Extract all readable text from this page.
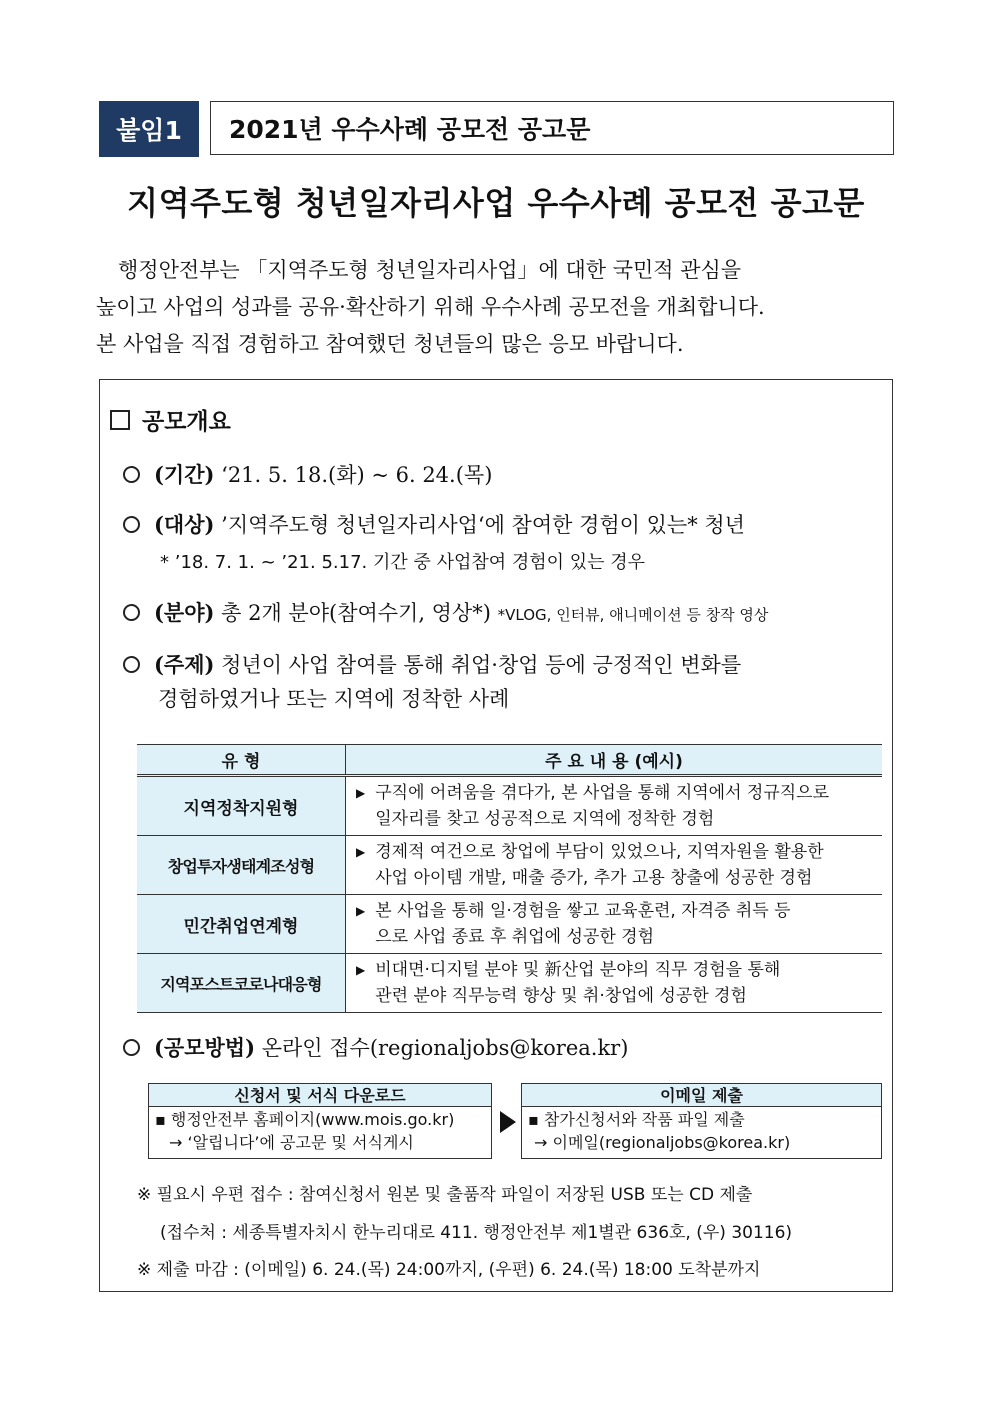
붙임1	2021년 우수사례 공모전 공고문
지역주도형 청년일자리사업 우수사례 공모전 공고문

행정안전부는 「지역주도형 청년일자리사업」에 대한 국민적 관심을

높이고 사업의 성과를 공유·확산하기 위해 우수사례 공모전을 개최합니다.

본 사업을 직접 경험하고 참여했던 청년들의 많은 응모 바랍니다.

공모개요
(기간) ‘21. 5. 18.(화) ~ 6. 24.(목)
(대상) ’지역주도형 청년일자리사업‘에 참여한 경험이 있는* 청년
* ’18. 7. 1. ~ ’21. 5.17. 기간 중 사업참여 경험이 있는 경우
(분야) 총 2개 분야(참여수기, 영상*) *VLOG, 인터뷰, 애니메이션 등 창작 영상
(주제) 청년이 사업 참여를 통해 취업·창업 등에 긍정적인 변화를
경험하였거나 또는 지역에 정착한 사례
유 형	주 요 내 용 (예시)
지역정착지원형	▶ 구직에 어려움을 겪다가, 본 사업을 통해 지역에서 정규직으로
일자리를 찾고 성공적으로 지역에 정착한 경험
창업투자생태계조성형	▶ 경제적 여건으로 창업에 부담이 있었으나, 지역자원을 활용한
사업 아이템 개발, 매출 증가, 추가 고용 창출에 성공한 경험
민간취업연계형	▶ 본 사업을 통해 일·경험을 쌓고 교육훈련, 자격증 취득 등
으로 사업 종료 후 취업에 성공한 경험
지역포스트코로나대응형	▶ 비대면·디지털 분야 및 新산업 분야의 직무 경험을 통해
관련 분야 직무능력 향상 및 취·창업에 성공한 경험
(공모방법) 온라인 접수(regionaljobs@korea.kr)
신청서 및 서식 다운로드
▪ 행정안전부 홈페이지(www.mois.go.kr)
→ ‘알립니다’에 공고문 및 서식게시
이메일 제출
▪ 참가신청서와 작품 파일 제출
→ 이메일(regionaljobs@korea.kr)
※ 필요시 우편 접수 : 참여신청서 원본 및 출품작 파일이 저장된 USB 또는 CD 제출
(접수처 : 세종특별자치시 한누리대로 411. 행정안전부 제1별관 636호, (우) 30116)
※ 제출 마감 : (이메일) 6. 24.(목) 24:00까지, (우편) 6. 24.(목) 18:00 도착분까지
